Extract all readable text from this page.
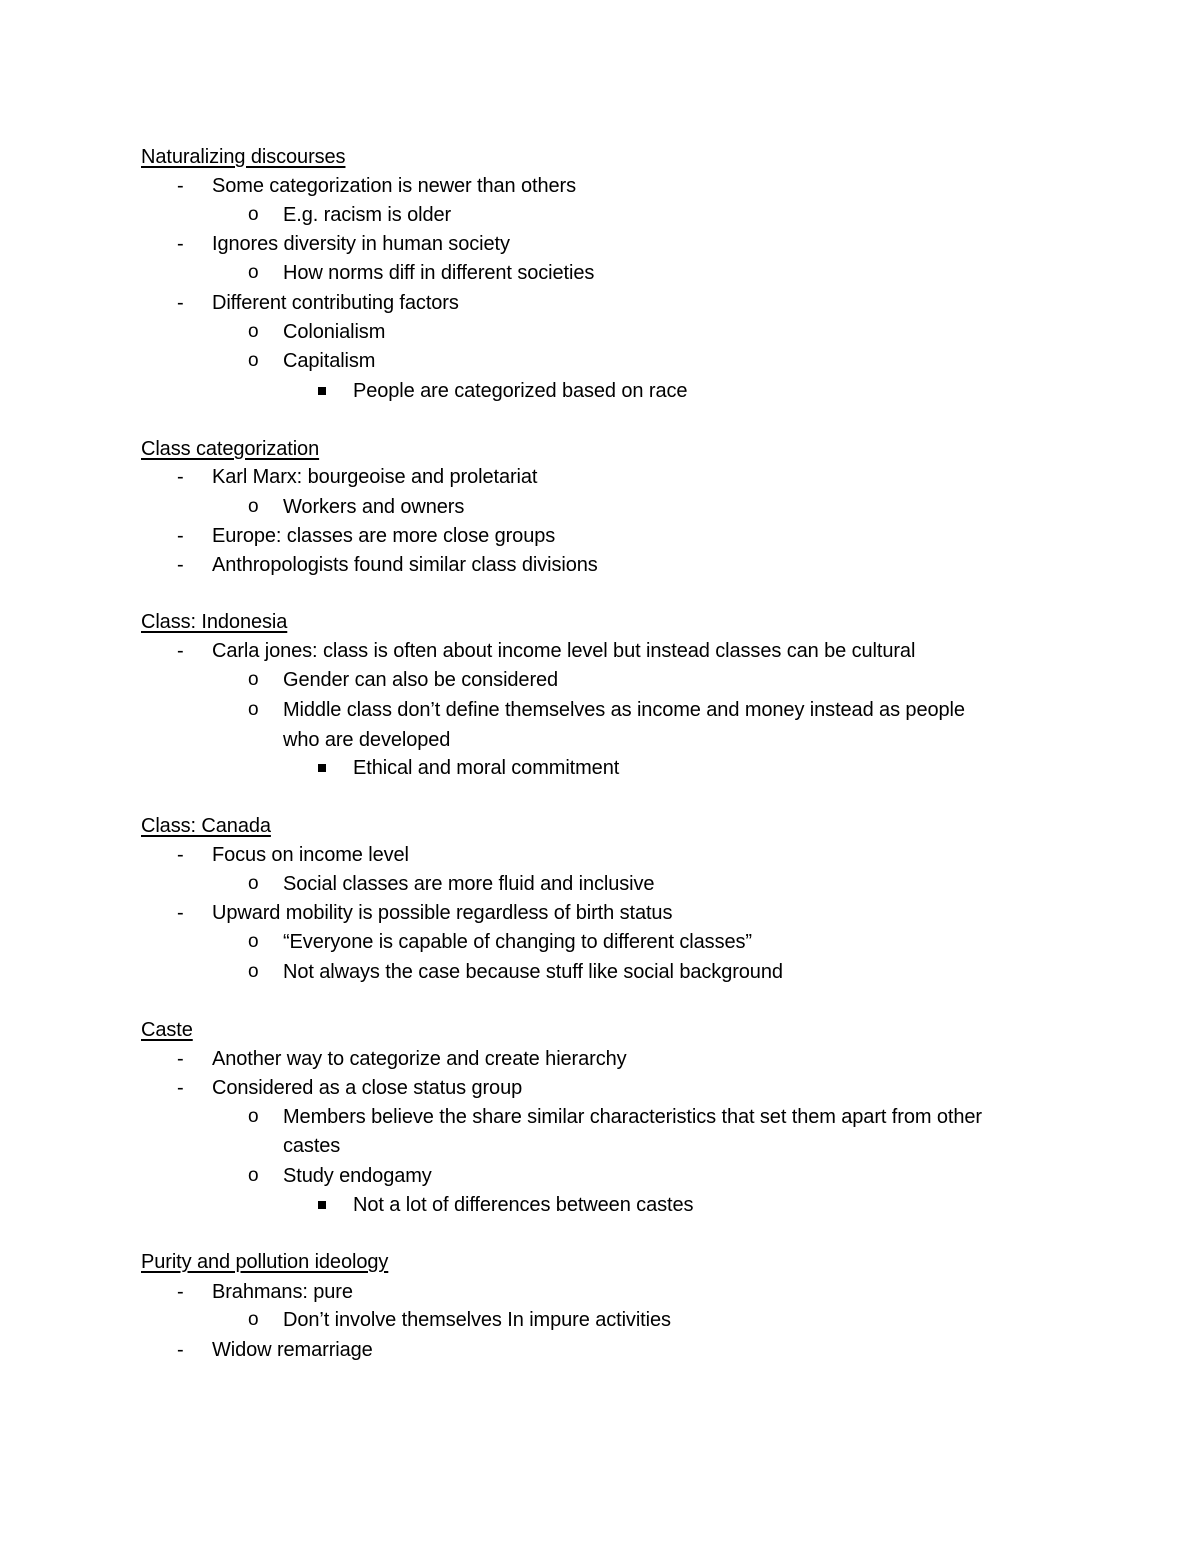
Naturalizing discourses
- Some categorization is newer than others
o E.g. racism is older
- Ignores diversity in human society
o How norms diff in different societies
- Different contributing factors
o Colonialism
o Capitalism
People are categorized based on race
Class categorization
- Karl Marx: bourgeoise and proletariat
o Workers and owners
- Europe: classes are more close groups
- Anthropologists found similar class divisions
Class: Indonesia
- Carla jones: class is often about income level but instead classes can be cultural
o Gender can also be considered
o Middle class don’t define themselves as income and money instead as people
who are developed
Ethical and moral commitment
Class: Canada
- Focus on income level
o Social classes are more fluid and inclusive
- Upward mobility is possible regardless of birth status
o “Everyone is capable of changing to different classes”
o Not always the case because stuff like social background
Caste
- Another way to categorize and create hierarchy
- Considered as a close status group
o Members believe the share similar characteristics that set them apart from other
castes
o Study endogamy
Not a lot of differences between castes
Purity and pollution ideology
- Brahmans: pure
o Don’t involve themselves In impure activities
- Widow remarriage
